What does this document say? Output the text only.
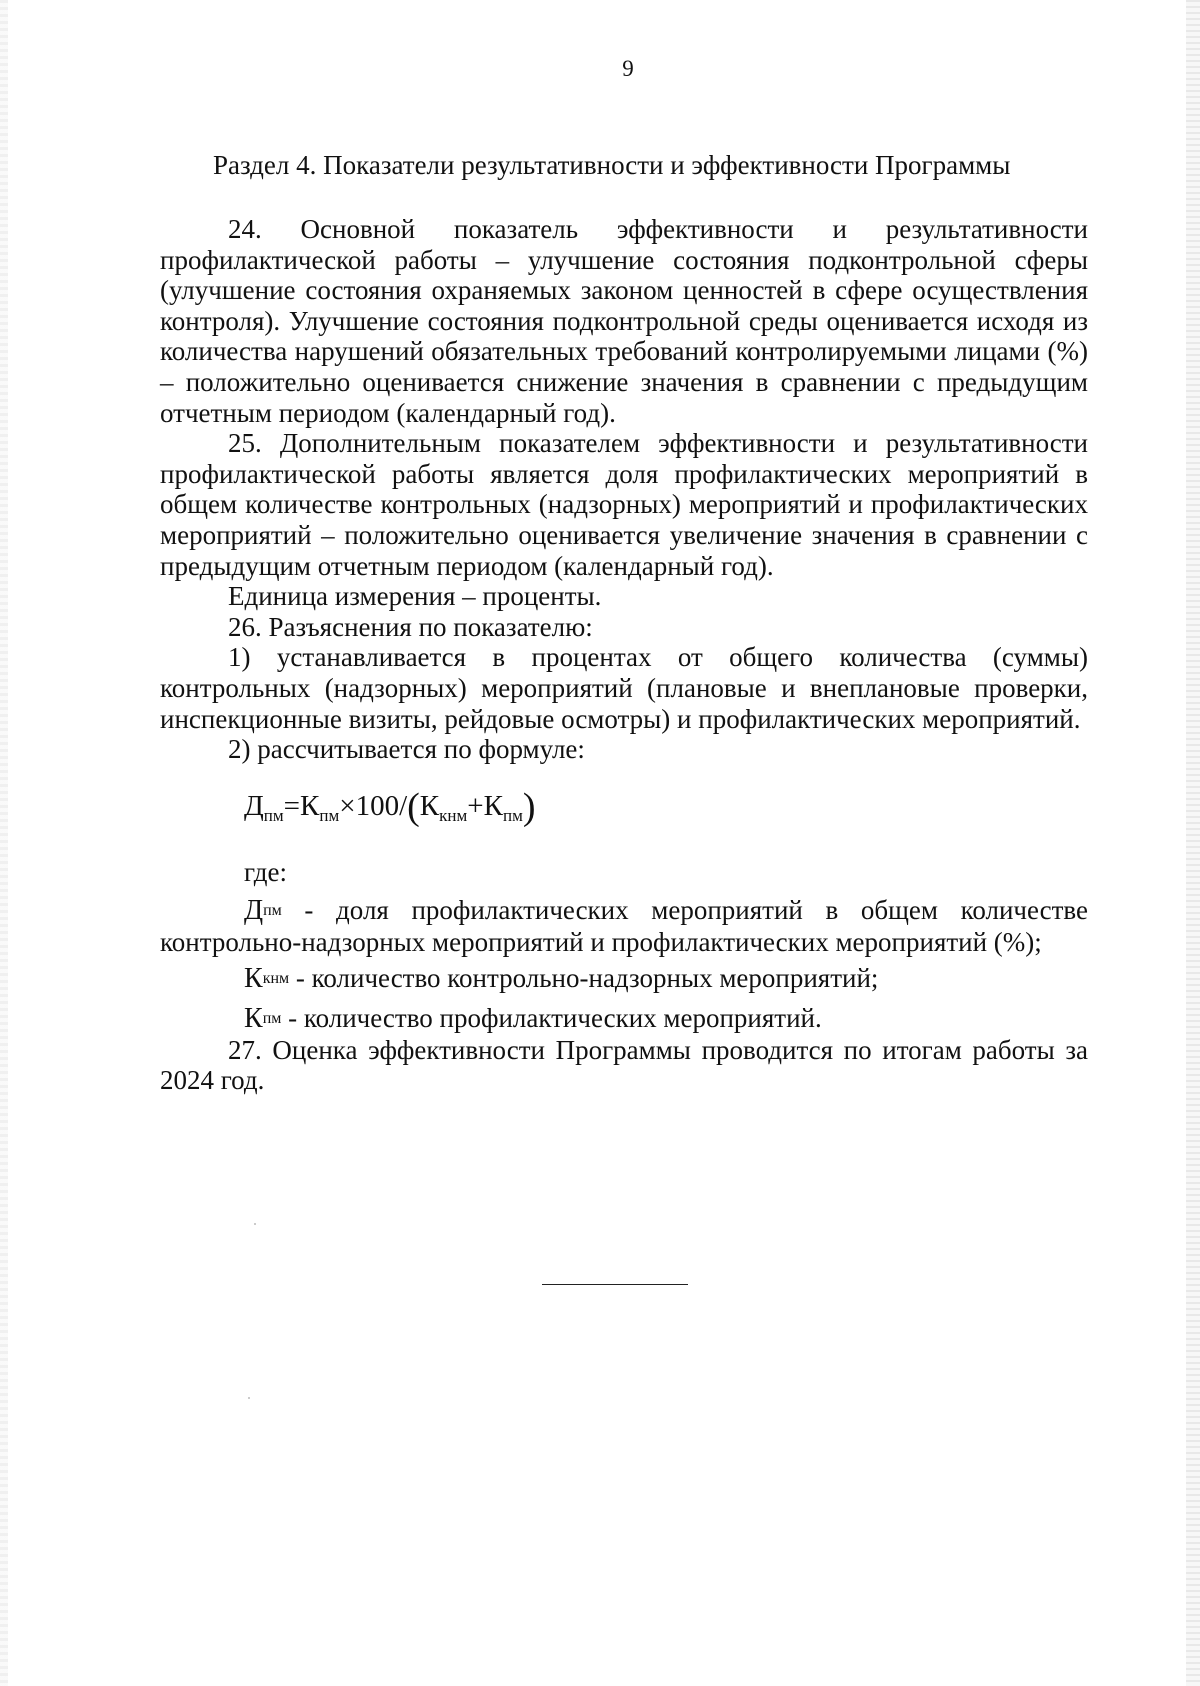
9
Раздел 4. Показатели результативности и эффективности Программы

24. Основной показатель эффективности и результативности профилактической работы – улучшение состояния подконтрольной сферы (улучшение состояния охраняемых законом ценностей в сфере осуществления контроля). Улучшение состояния подконтрольной среды оценивается исходя из количества нарушений обязательных требований контролируемыми лицами (%) – положительно оценивается снижение значения в сравнении с предыдущим отчетным периодом (календарный год).

25. Дополнительным показателем эффективности и результативности профилактической работы является доля профилактических мероприятий в общем количестве контрольных (надзорных) мероприятий и профилактических мероприятий – положительно оценивается увеличение значения в сравнении с предыдущим отчетным периодом (календарный год).

Единица измерения – проценты.

26. Разъяснения по показателю:

1) устанавливается в процентах от общего количества (суммы) контрольных (надзорных) мероприятий (плановые и внеплановые проверки, инспекционные визиты, рейдовые осмотры) и профилактических мероприятий.

2) рассчитывается по формуле:

$Д_{пм}=К_{пм}\times 100/(К_{кнм}+К_{пм})$
где:

$Д^{пм}$ - доля профилактических мероприятий в общем количестве контрольно-надзорных мероприятий и профилактических мероприятий (%);

$К^{кнм}$ - количество контрольно-надзорных мероприятий;

$К^{пм}$ - количество профилактических мероприятий.

27. Оценка эффективности Программы проводится по итогам работы за 2024 год.
